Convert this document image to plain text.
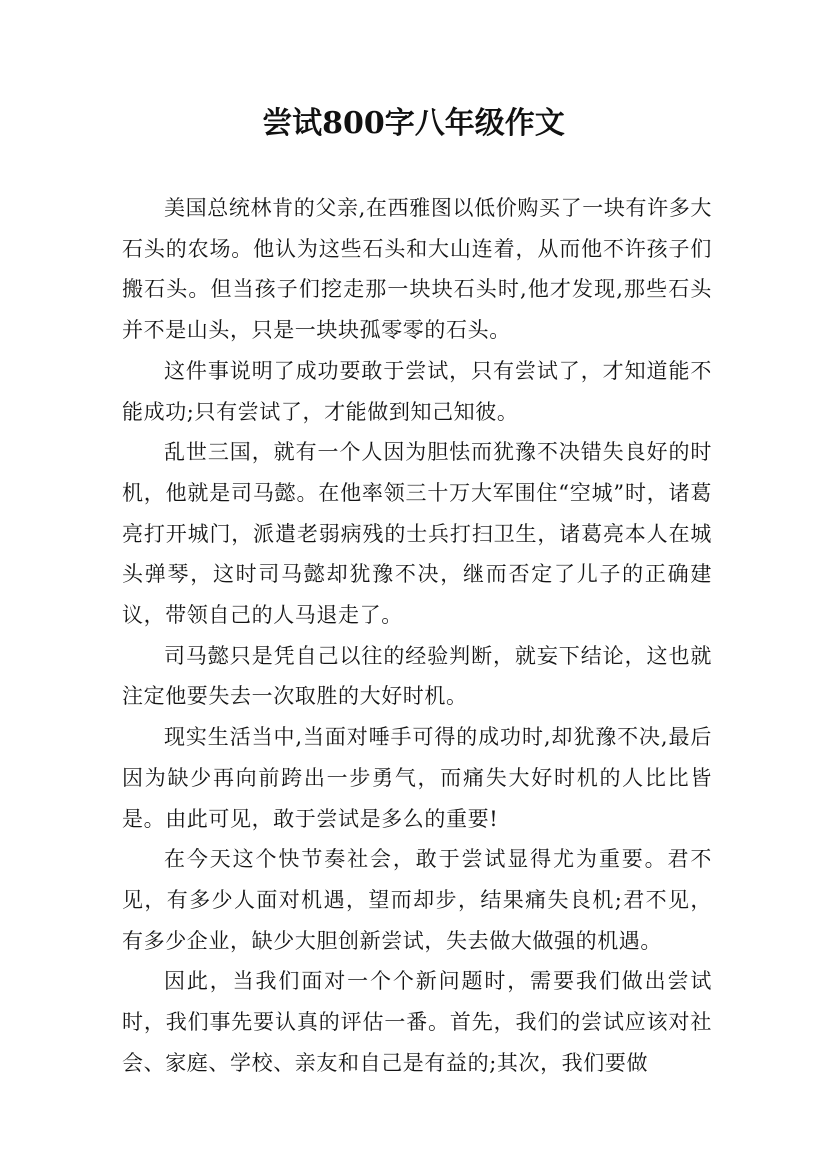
尝试800字八年级作文

美国总统林肯的父亲,在西雅图以低价购买了一块有许多大石头的农场。他认为这些石头和大山连着，从而他不许孩子们搬石头。但当孩子们挖走那一块块石头时,他才发现,那些石头并不是山头，只是一块块孤零零的石头。

这件事说明了成功要敢于尝试，只有尝试了，才知道能不能成功;只有尝试了，才能做到知己知彼。

乱世三国，就有一个人因为胆怯而犹豫不决错失良好的时机，他就是司马懿。在他率领三十万大军围住“空城”时，诸葛亮打开城门，派遣老弱病残的士兵打扫卫生，诸葛亮本人在城头弹琴，这时司马懿却犹豫不决，继而否定了儿子的正确建议，带领自己的人马退走了。

司马懿只是凭自己以往的经验判断，就妄下结论，这也就注定他要失去一次取胜的大好时机。

现实生活当中,当面对唾手可得的成功时,却犹豫不决,最后因为缺少再向前跨出一步勇气，而痛失大好时机的人比比皆是。由此可见，敢于尝试是多么的重要!

在今天这个快节奏社会，敢于尝试显得尤为重要。君不见，有多少人面对机遇，望而却步，结果痛失良机;君不见，有多少企业，缺少大胆创新尝试，失去做大做强的机遇。

因此，当我们面对一个个新问题时，需要我们做出尝试时，我们事先要认真的评估一番。首先，我们的尝试应该对社会、家庭、学校、亲友和自己是有益的;其次，我们要做
